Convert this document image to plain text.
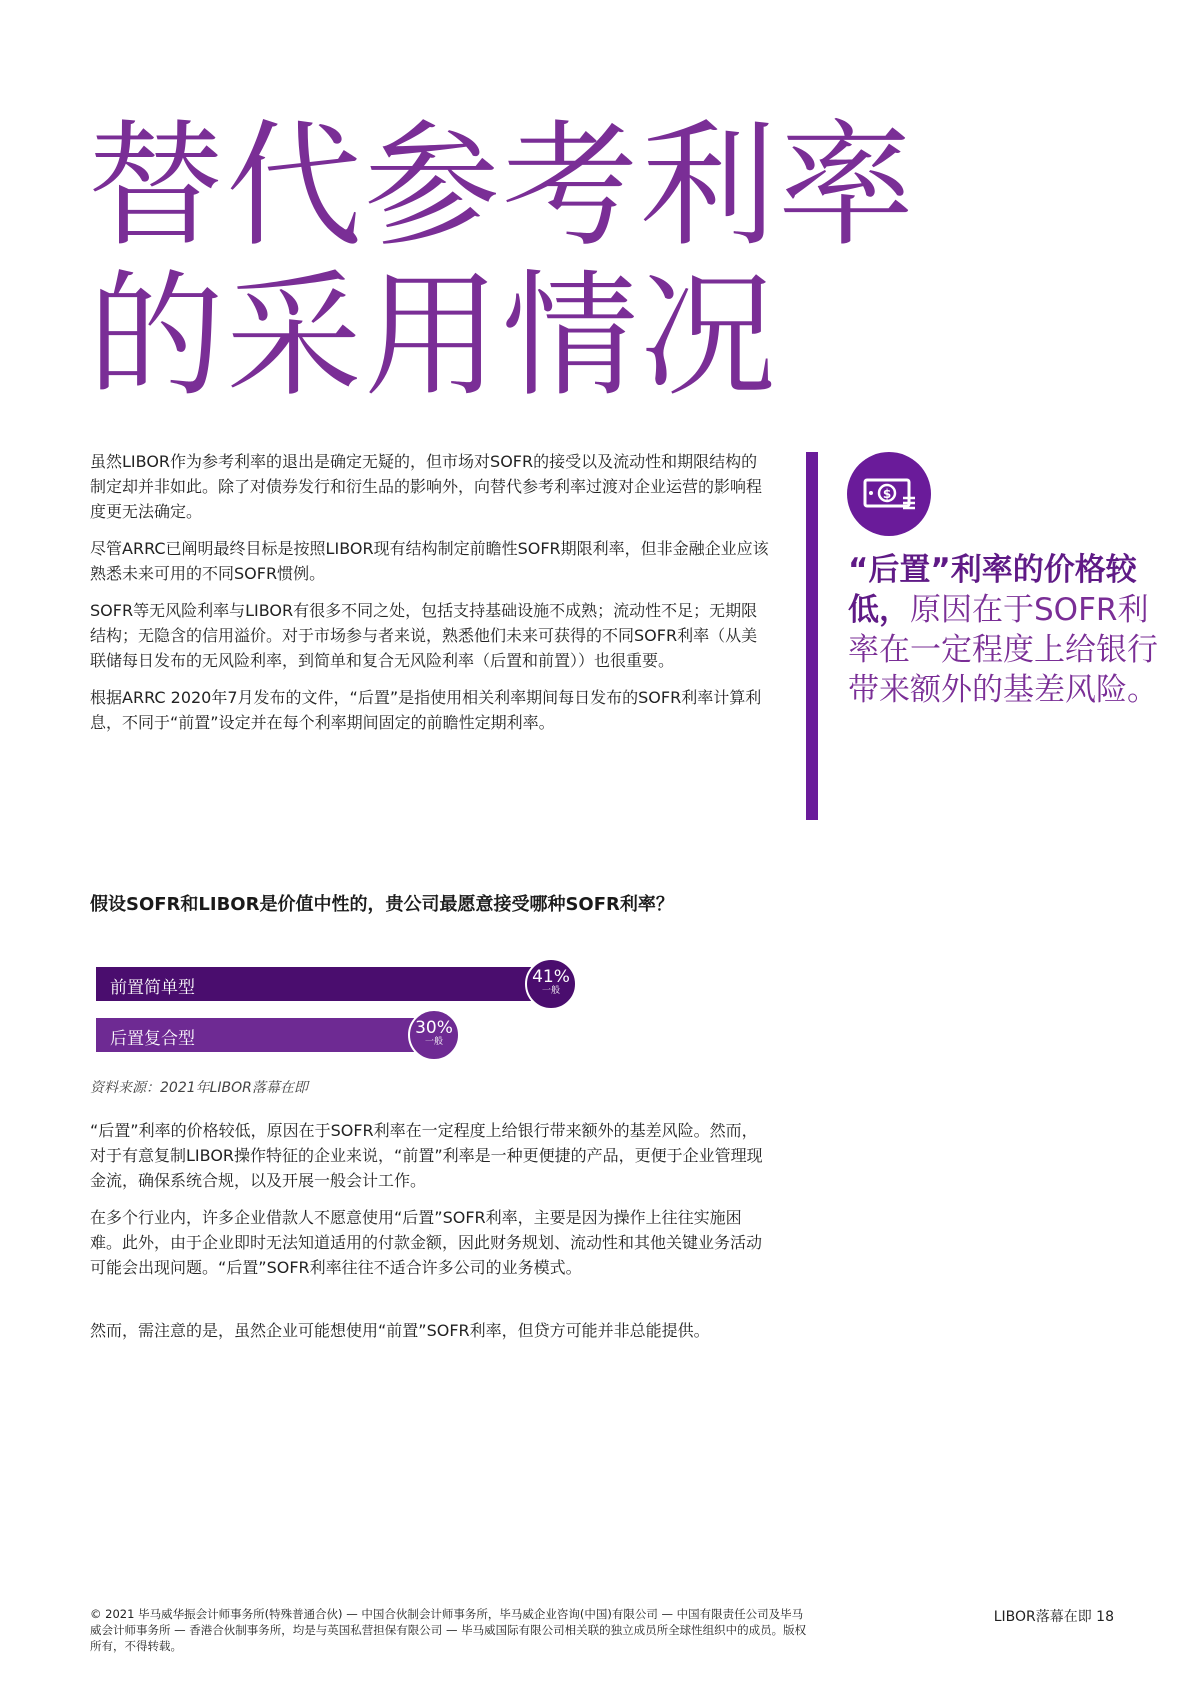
替代参考利率
的采用情况

虽然LIBOR作为参考利率的退出是确定无疑的，但市场对SOFR的接受以及流动性和期限结构的制定却并非如此。除了对债券发行和衍生品的影响外，向替代参考利率过渡对企业运营的影响程度更无法确定。

尽管ARRC已阐明最终目标是按照LIBOR现有结构制定前瞻性SOFR期限利率，但非金融企业应该熟悉未来可用的不同SOFR惯例。

SOFR等无风险利率与LIBOR有很多不同之处，包括支持基础设施不成熟；流动性不足；无期限结构；无隐含的信用溢价。对于市场参与者来说，熟悉他们未来可获得的不同SOFR利率（从美联储每日发布的无风险利率，到简单和复合无风险利率（后置和前置））也很重要。

根据ARRC 2020年7月发布的文件，“后置”是指使用相关利率期间每日发布的SOFR利率计算利息，不同于“前置”设定并在每个利率期间固定的前瞻性定期利率。

$
“后置”利率的价格较低，原因在于SOFR利率在一定程度上给银行带来额外的基差风险。
假设SOFR和LIBOR是价值中性的，贵公司最愿意接受哪种SOFR利率？
前置简单型
41%
一般
后置复合型
30%
一般
资料来源：2021年LIBOR落幕在即

“后置”利率的价格较低，原因在于SOFR利率在一定程度上给银行带来额外的基差风险。然而，对于有意复制LIBOR操作特征的企业来说，“前置”利率是一种更便捷的产品，更便于企业管理现金流，确保系统合规，以及开展一般会计工作。

在多个行业内，许多企业借款人不愿意使用“后置”SOFR利率，主要是因为操作上往往实施困难。此外，由于企业即时无法知道适用的付款金额，因此财务规划、流动性和其他关键业务活动可能会出现问题。“后置”SOFR利率往往不适合许多公司的业务模式。

然而，需注意的是，虽然企业可能想使用“前置”SOFR利率，但贷方可能并非总能提供。

© 2021 毕马威华振会计师事务所(特殊普通合伙) — 中国合伙制会计师事务所，毕马威企业咨询(中国)有限公司 — 中国有限责任公司及毕马威会计师事务所 — 香港合伙制事务所，均是与英国私营担保有限公司 — 毕马威国际有限公司相关联的独立成员所全球性组织中的成员。版权所有，不得转载。
LIBOR落幕在即 18
